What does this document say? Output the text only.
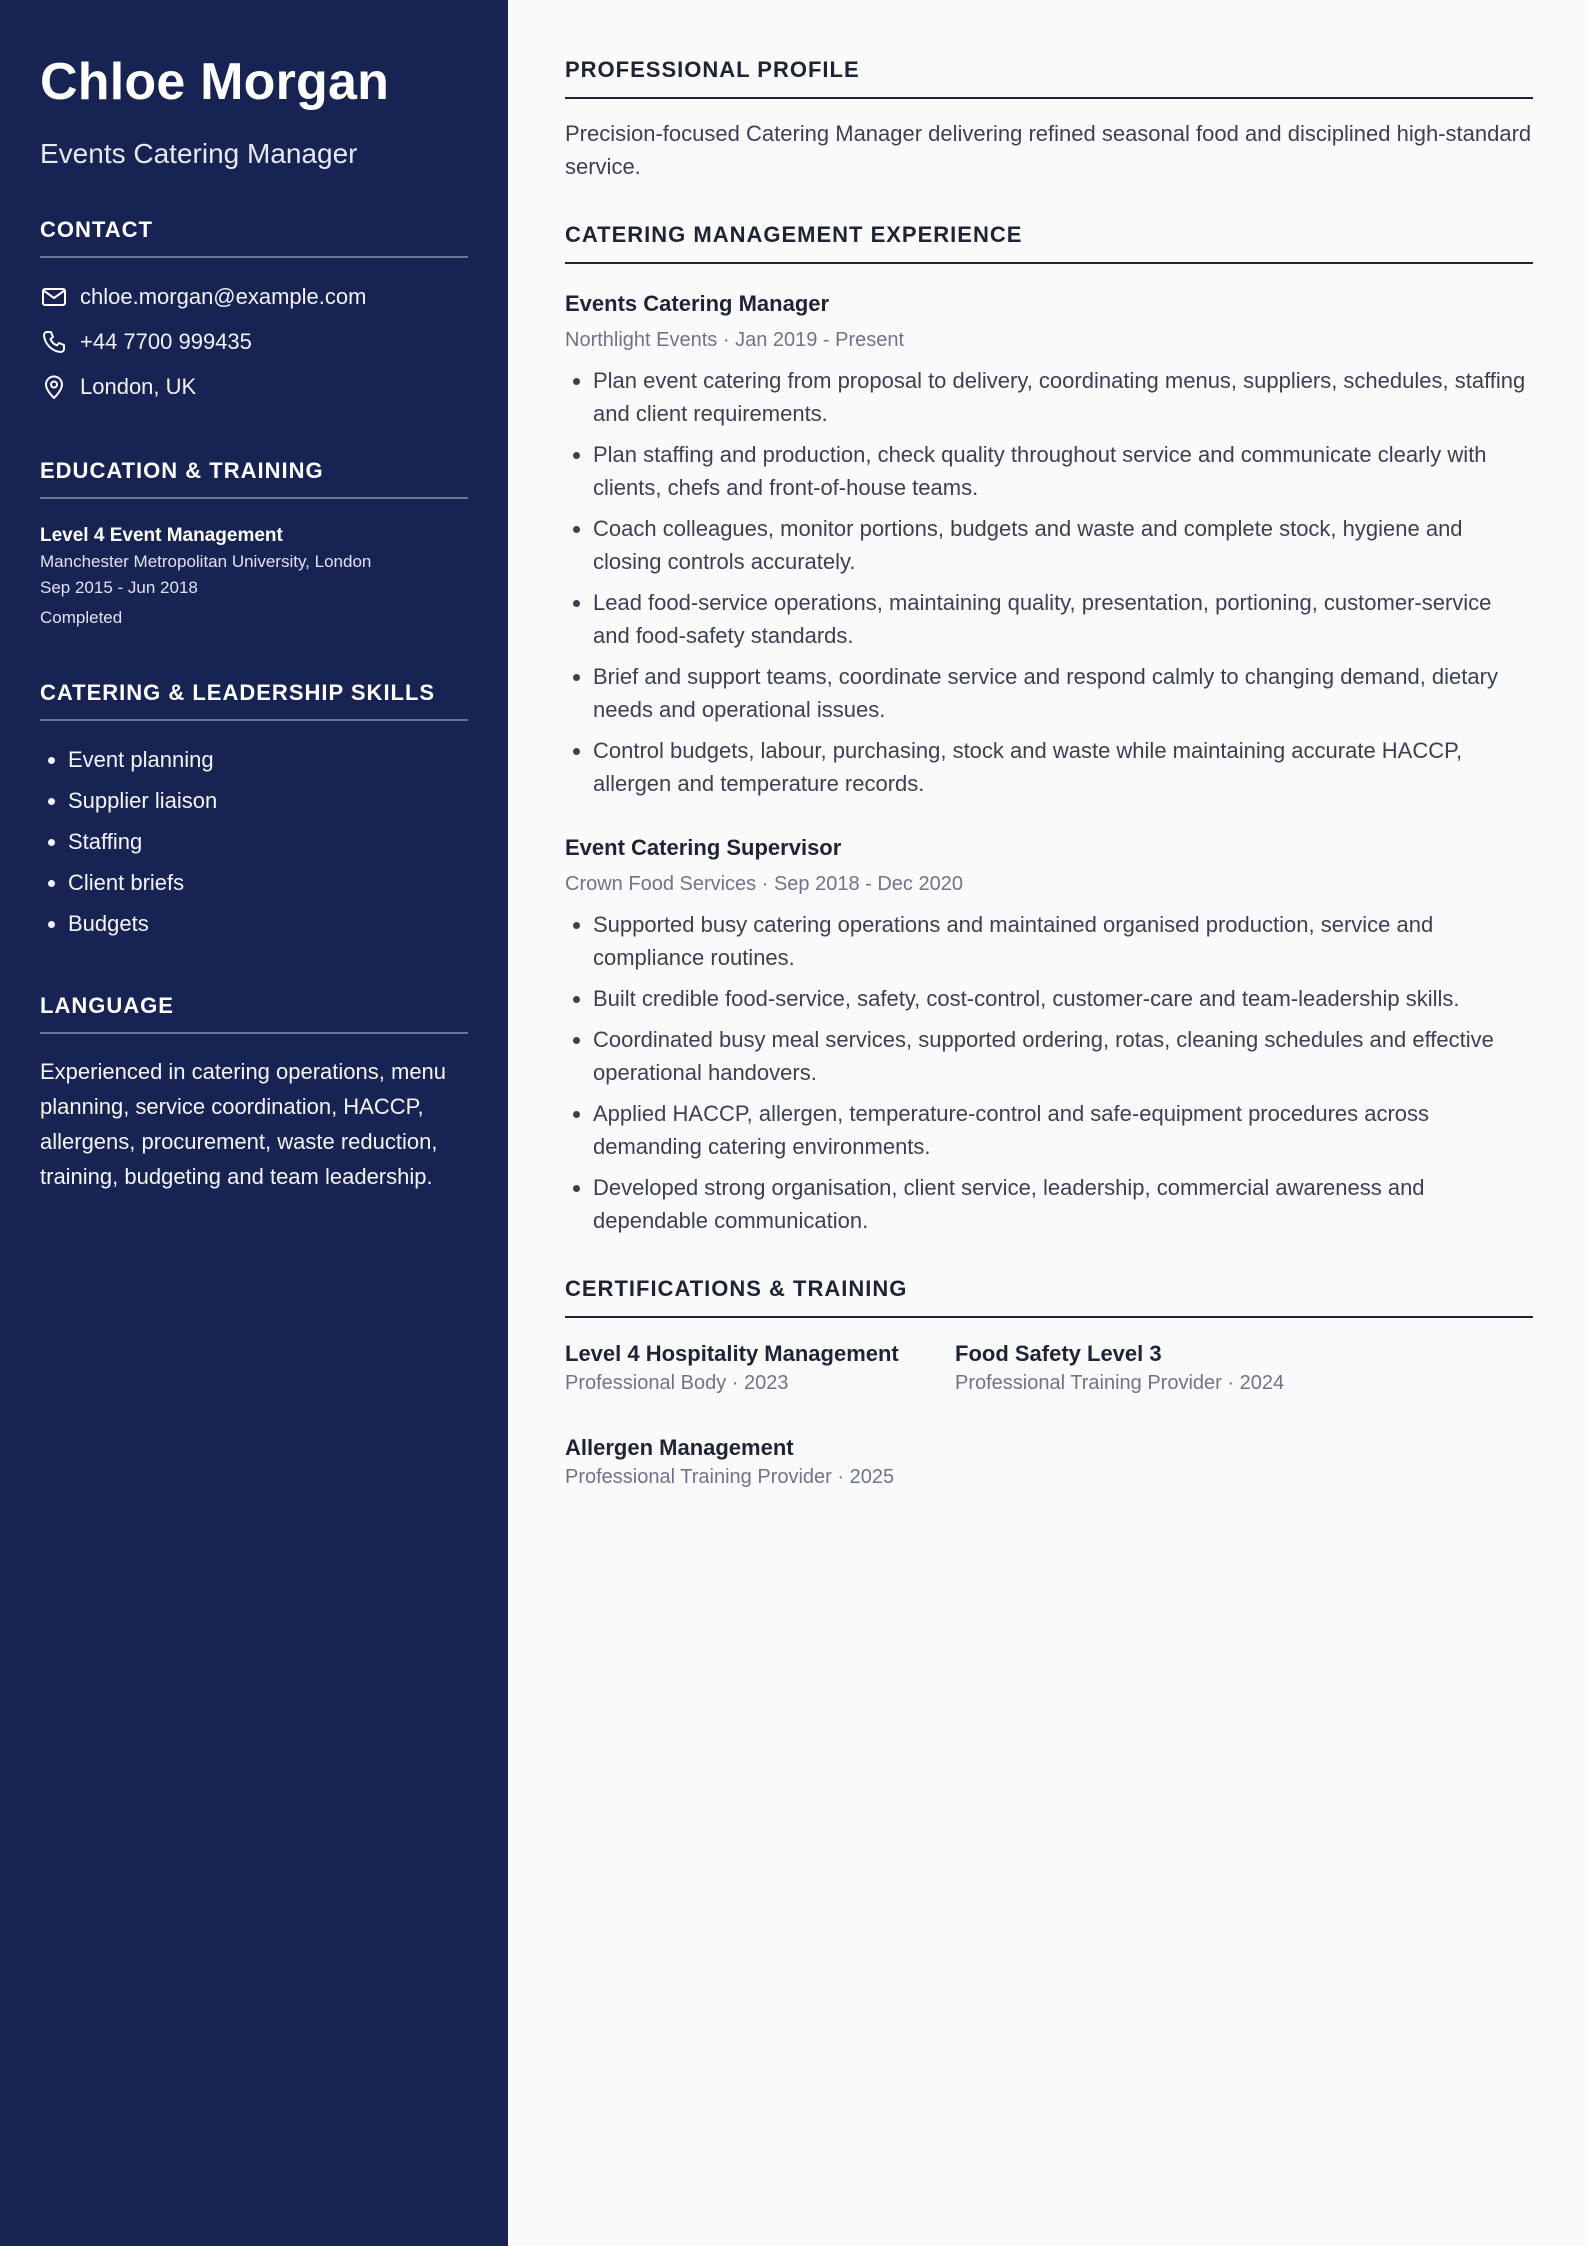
Chloe Morgan
Events Catering Manager
CONTACT
chloe.morgan@example.com
+44 7700 999435
London, UK
EDUCATION & TRAINING
Level 4 Event Management
Manchester Metropolitan University, London
Sep 2015 - Jun 2018
Completed
CATERING & LEADERSHIP SKILLS
• Event planning
• Supplier liaison
• Staffing
• Client briefs
• Budgets
LANGUAGE

Experienced in catering operations, menu planning, service coordination, HACCP, allergens, procurement, waste reduction, training, budgeting and team leadership.

PROFESSIONAL PROFILE

Precision-focused Catering Manager delivering refined seasonal food and disciplined high-standard service.

CATERING MANAGEMENT EXPERIENCE
Events Catering Manager
Northlight Events · Jan 2019 - Present
• Plan event catering from proposal to delivery, coordinating menus, suppliers, schedules, staffing and client requirements.
• Plan staffing and production, check quality throughout service and communicate clearly with clients, chefs and front-of-house teams.
• Coach colleagues, monitor portions, budgets and waste and complete stock, hygiene and closing controls accurately.
• Lead food-service operations, maintaining quality, presentation, portioning, customer-service and food-safety standards.
• Brief and support teams, coordinate service and respond calmly to changing demand, dietary needs and operational issues.
• Control budgets, labour, purchasing, stock and waste while maintaining accurate HACCP, allergen and temperature records.
Event Catering Supervisor
Crown Food Services · Sep 2018 - Dec 2020
• Supported busy catering operations and maintained organised production, service and compliance routines.
• Built credible food-service, safety, cost-control, customer-care and team-leadership skills.
• Coordinated busy meal services, supported ordering, rotas, cleaning schedules and effective operational handovers.
• Applied HACCP, allergen, temperature-control and safe-equipment procedures across demanding catering environments.
• Developed strong organisation, client service, leadership, commercial awareness and dependable communication.
CERTIFICATIONS & TRAINING
Level 4 Hospitality Management
Professional Body · 2023
Food Safety Level 3
Professional Training Provider · 2024
Allergen Management
Professional Training Provider · 2025
